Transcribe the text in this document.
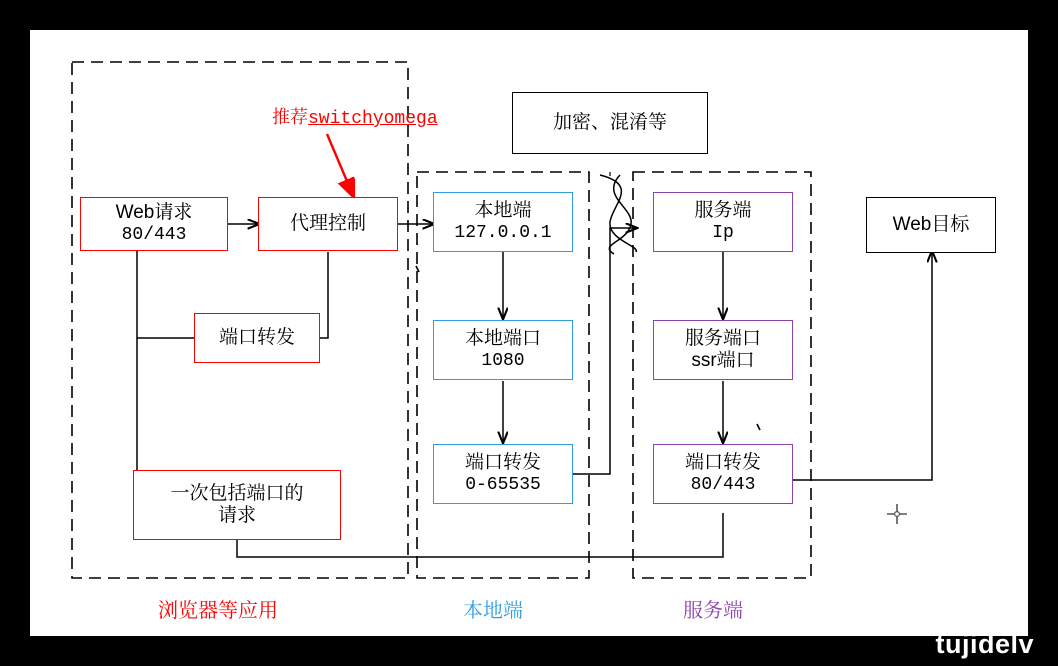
Web请求
80/443
代理控制
端口转发
一次包括端口的
请求
加密、混淆等
本地端
127.0.0.1
本地端口
1080
端口转发
0-65535
服务端
Ip
服务端口
ssr端口
端口转发
80/443
Web目标
推荐switchyomega
浏览器等应用	本地端	服务端
tujidelv
